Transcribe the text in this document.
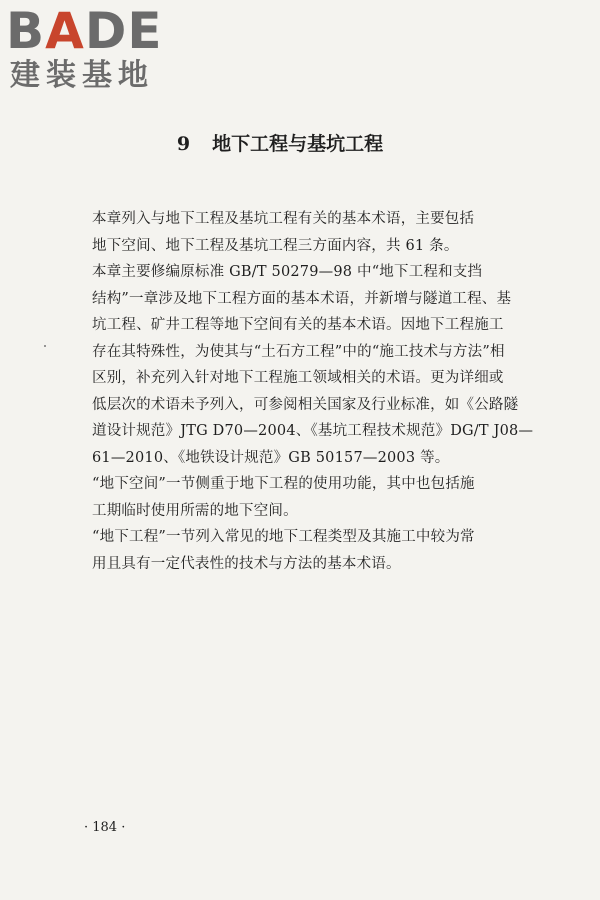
BADE
建装基地
9 地下工程与基坑工程

本章列入与地下工程及基坑工程有关的基本术语，主要包括
地下空间、地下工程及基坑工程三方面内容，共 61 条。

本章主要修编原标准 GB/T 50279—98 中“地下工程和支挡
结构”一章涉及地下工程方面的基本术语，并新增与隧道工程、基
坑工程、矿井工程等地下空间有关的基本术语。因地下工程施工
存在其特殊性，为使其与“土石方工程”中的“施工技术与方法”相
区别，补充列入针对地下工程施工领域相关的术语。更为详细或
低层次的术语未予列入，可参阅相关国家及行业标准，如《公路隧
道设计规范》JTG D70—2004、《基坑工程技术规范》DG/T J08—
61—2010、《地铁设计规范》GB 50157—2003 等。

“地下空间”一节侧重于地下工程的使用功能，其中也包括施
工期临时使用所需的地下空间。

“地下工程”一节列入常见的地下工程类型及其施工中较为常
用且具有一定代表性的技术与方法的基本术语。

· 184 ·
